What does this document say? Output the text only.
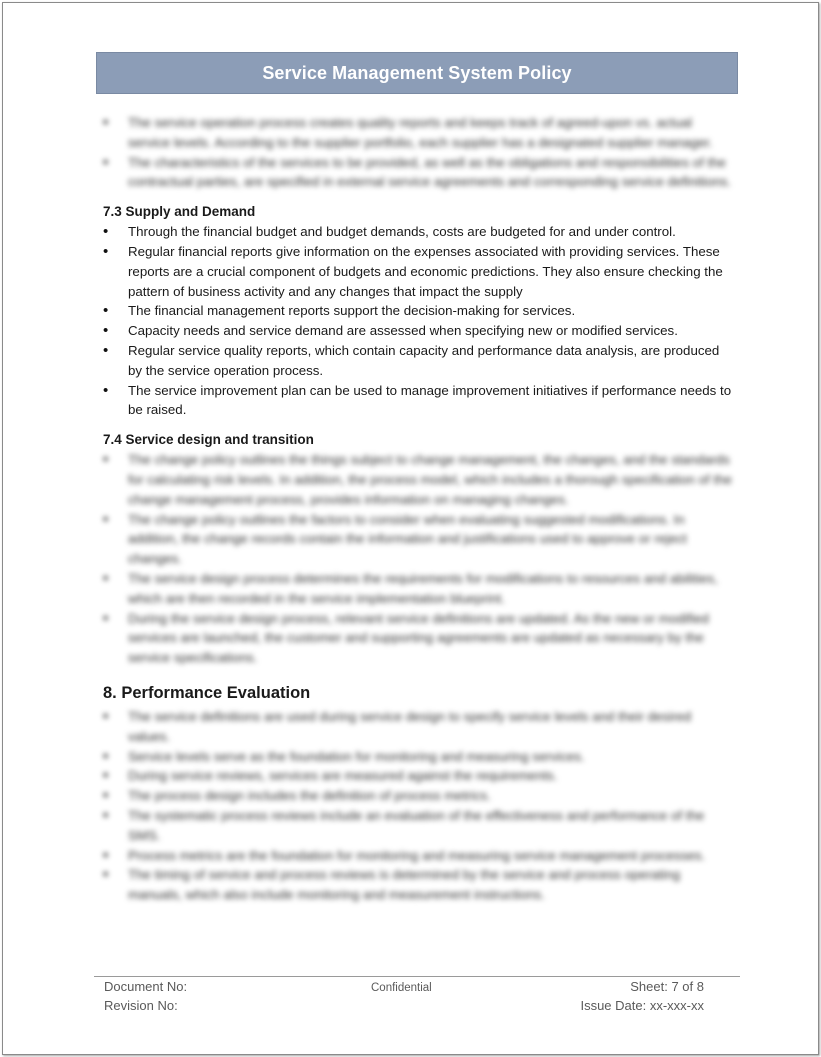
Service Management System Policy
• The service operation process creates quality reports and keeps track of agreed-upon vs. actual service levels. According to the supplier portfolio, each supplier has a designated supplier manager.
• The characteristics of the services to be provided, as well as the obligations and responsibilities of the contractual parties, are specified in external service agreements and corresponding service definitions.
7.3 Supply and Demand
• Through the financial budget and budget demands, costs are budgeted for and under control.
• Regular financial reports give information on the expenses associated with providing services. These reports are a crucial component of budgets and economic predictions. They also ensure checking the pattern of business activity and any changes that impact the supply
• The financial management reports support the decision-making for services.
• Capacity needs and service demand are assessed when specifying new or modified services.
• Regular service quality reports, which contain capacity and performance data analysis, are produced by the service operation process.
• The service improvement plan can be used to manage improvement initiatives if performance needs to be raised.
7.4 Service design and transition
• The change policy outlines the things subject to change management, the changes, and the standards for calculating risk levels. In addition, the process model, which includes a thorough specification of the change management process, provides information on managing changes.
• The change policy outlines the factors to consider when evaluating suggested modifications. In addition, the change records contain the information and justifications used to approve or reject changes.
• The service design process determines the requirements for modifications to resources and abilities, which are then recorded in the service implementation blueprint.
• During the service design process, relevant service definitions are updated. As the new or modified services are launched, the customer and supporting agreements are updated as necessary by the service specifications.
8. Performance Evaluation
• The service definitions are used during service design to specify service levels and their desired values.
• Service levels serve as the foundation for monitoring and measuring services.
• During service reviews, services are measured against the requirements.
• The process design includes the definition of process metrics.
• The systematic process reviews include an evaluation of the effectiveness and performance of the SMS.
• Process metrics are the foundation for monitoring and measuring service management processes.
• The timing of service and process reviews is determined by the service and process operating manuals, which also include monitoring and measurement instructions.
Document No:	Confidential	Sheet: 7 of 8
Revision No:	Issue Date: xx-xxx-xx
